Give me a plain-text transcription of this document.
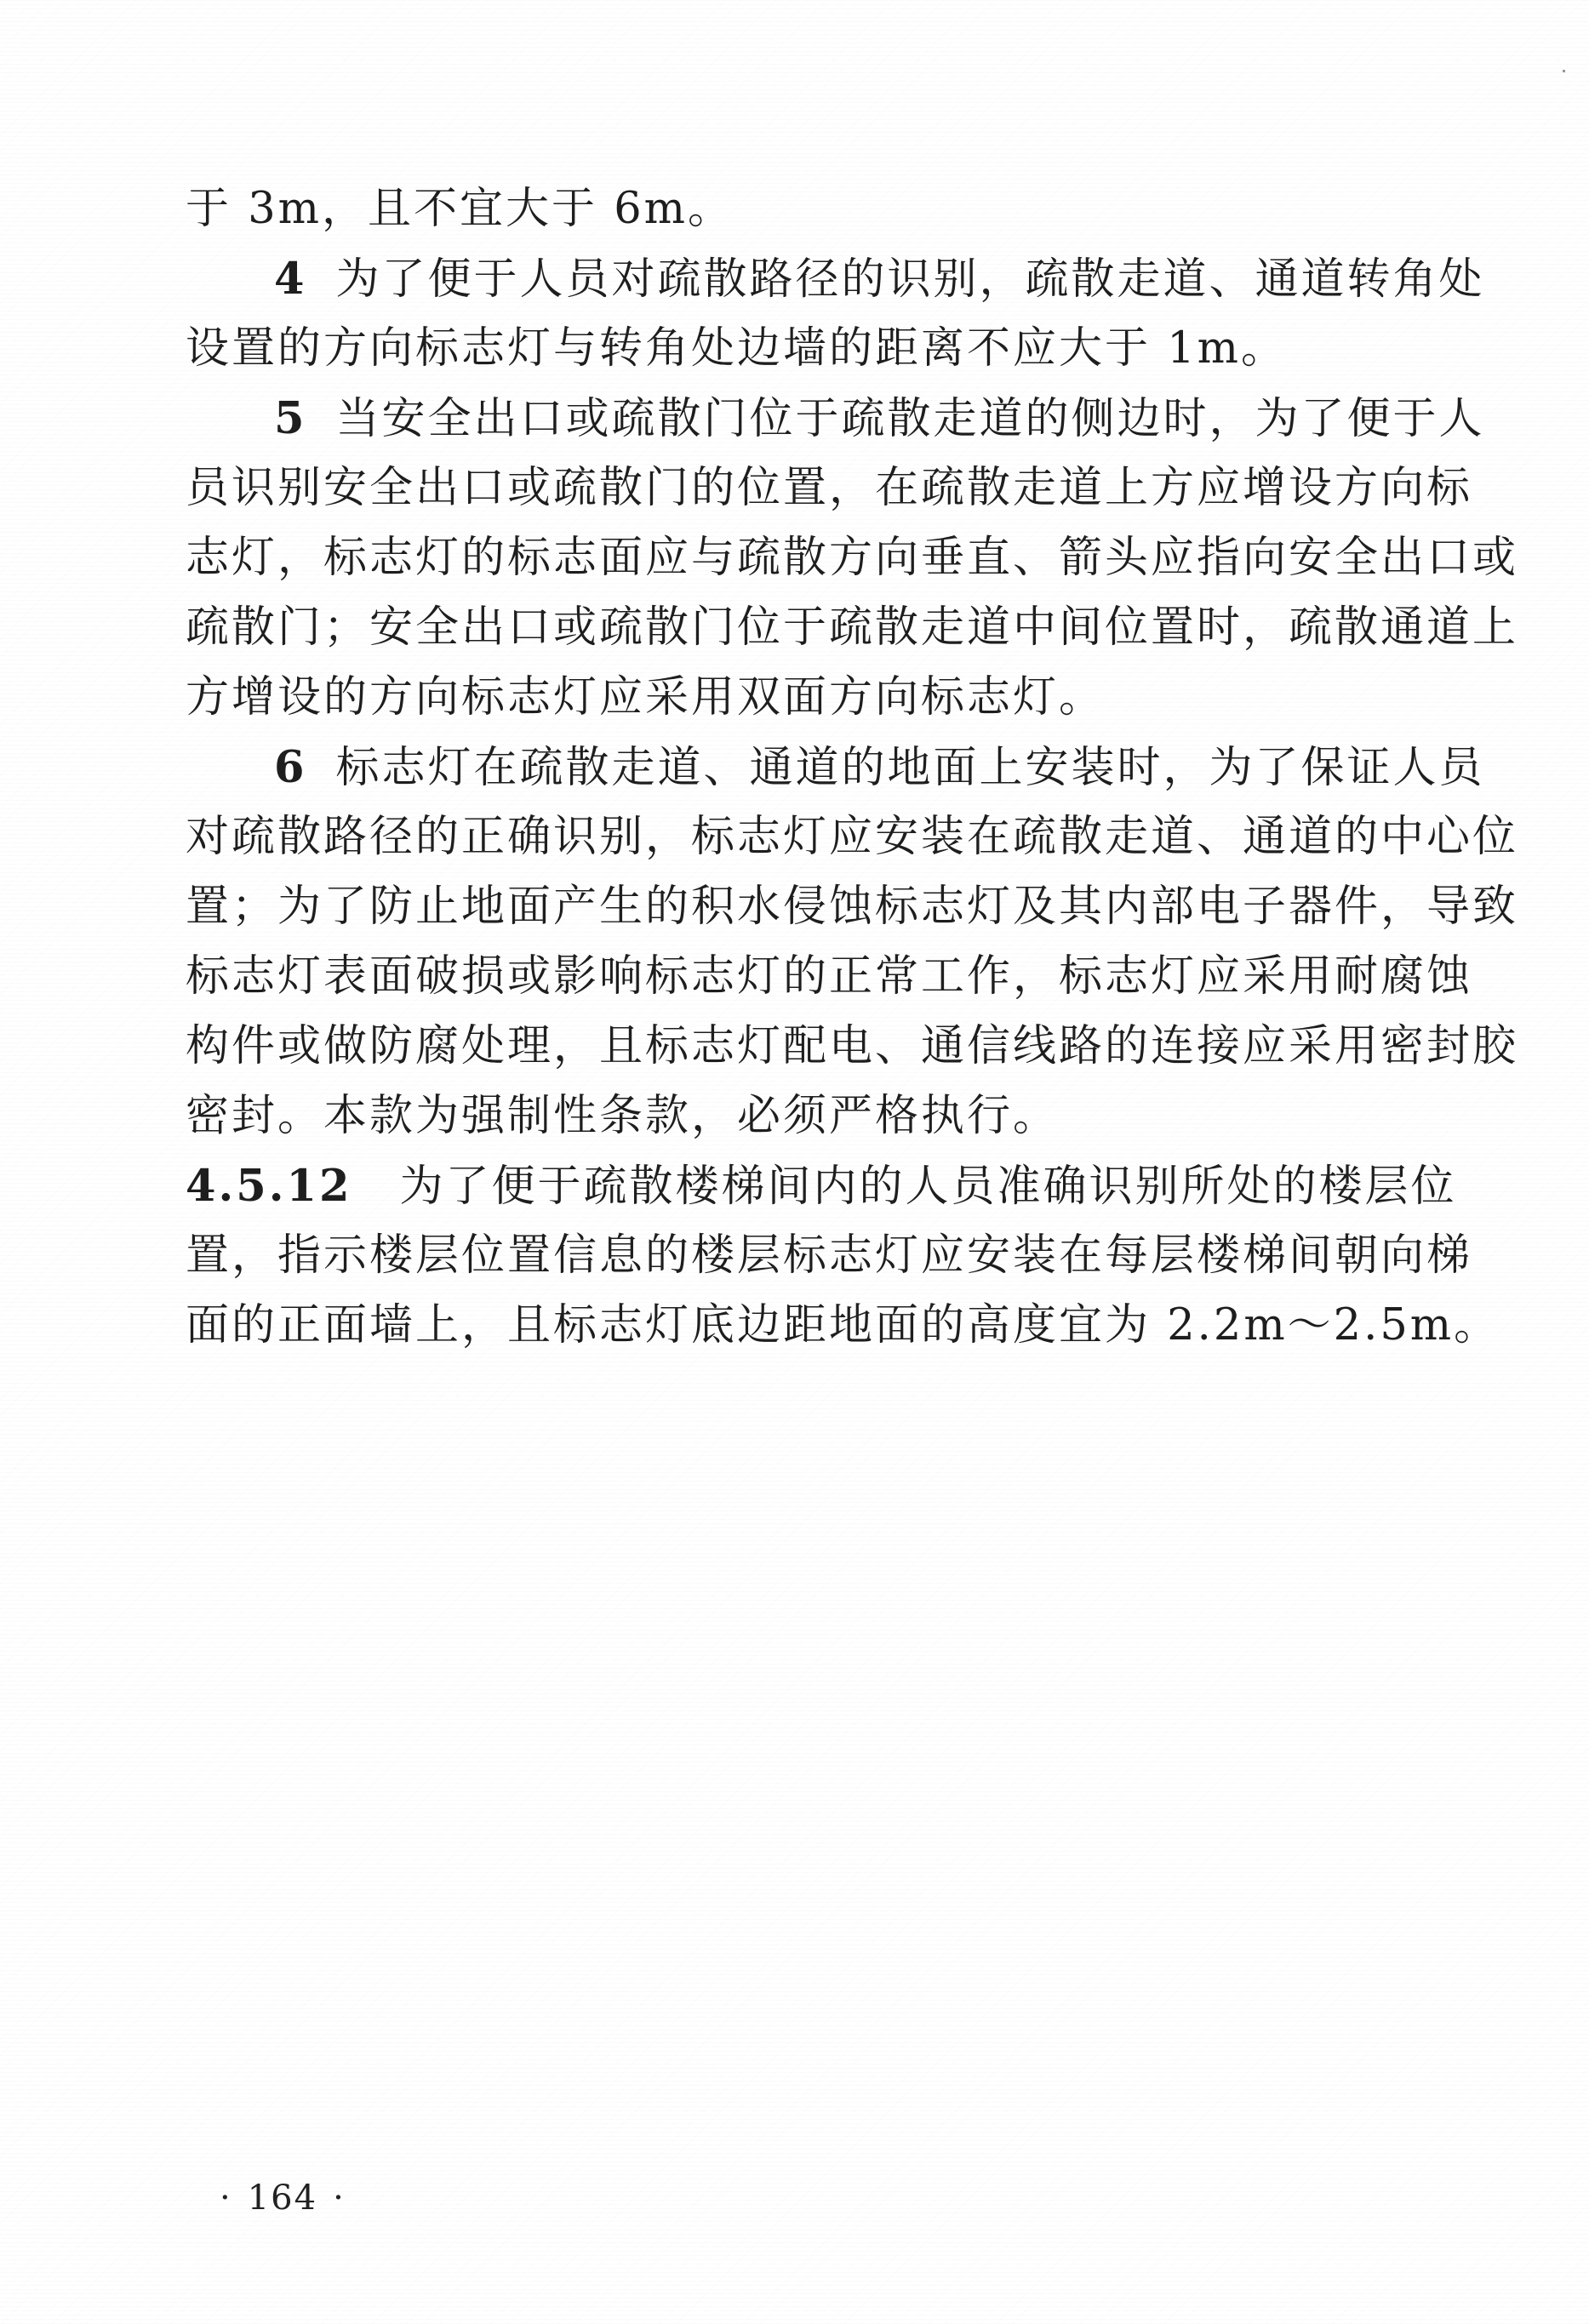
于 3m，且不宜大于 6m。

4 为了便于人员对疏散路径的识别，疏散走道、通道转角处

设置的方向标志灯与转角处边墙的距离不应大于 1m。

5 当安全出口或疏散门位于疏散走道的侧边时，为了便于人

员识别安全出口或疏散门的位置，在疏散走道上方应增设方向标

志灯，标志灯的标志面应与疏散方向垂直、箭头应指向安全出口或

疏散门；安全出口或疏散门位于疏散走道中间位置时，疏散通道上

方增设的方向标志灯应采用双面方向标志灯。

6 标志灯在疏散走道、通道的地面上安装时，为了保证人员

对疏散路径的正确识别，标志灯应安装在疏散走道、通道的中心位

置；为了防止地面产生的积水侵蚀标志灯及其内部电子器件，导致

标志灯表面破损或影响标志灯的正常工作，标志灯应采用耐腐蚀

构件或做防腐处理，且标志灯配电、通信线路的连接应采用密封胶

密封。本款为强制性条款，必须严格执行。

4.5.12 为了便于疏散楼梯间内的人员准确识别所处的楼层位

置，指示楼层位置信息的楼层标志灯应安装在每层楼梯间朝向梯

面的正面墙上，且标志灯底边距地面的高度宜为 2.2m～2.5m。

· 164 ·
